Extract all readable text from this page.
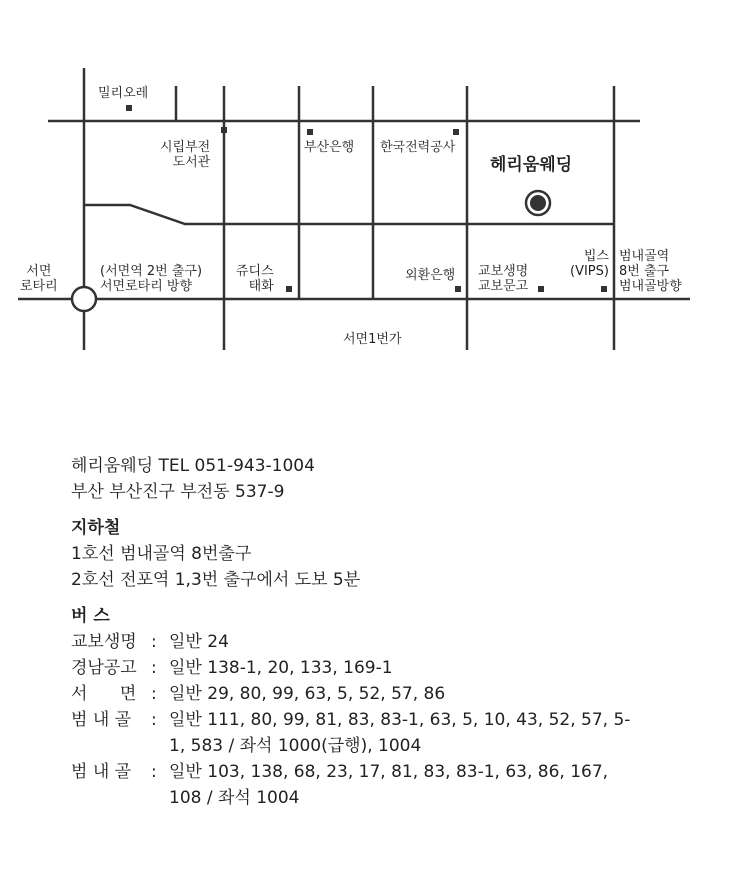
밀리오레
시립부전
도서관
부산은행 한국전력공사
헤리움웨딩
서면
로타리
(서면역 2번 출구)
서면로타리 방향
쥬디스
태화
외환은행 교보생명
교보문고
빕스
(VIPS)
범내골역
8번 출구
범내골방향
서면1번가
헤리움웨딩 TEL 051-943-1004
부산 부산진구 부전동 537-9
지하철
1호선 범내골역 8번출구
2호선 전포역 1,3번 출구에서 도보 5분
버 스
교보생명 : 일반 24
경남공고 : 일반 138-1, 20, 133, 169-1
서      면 : 일반 29, 80, 99, 63, 5, 52, 57, 86
범 내 골	: 일반 111, 80, 99, 81, 83, 83-1, 63, 5, 10, 43, 52, 57, 5-1, 583 / 좌석 1000(급행), 1004
범 내 골	: 일반 103, 138, 68, 23, 17, 81, 83, 83-1, 63, 86, 167, 108 / 좌석 1004
